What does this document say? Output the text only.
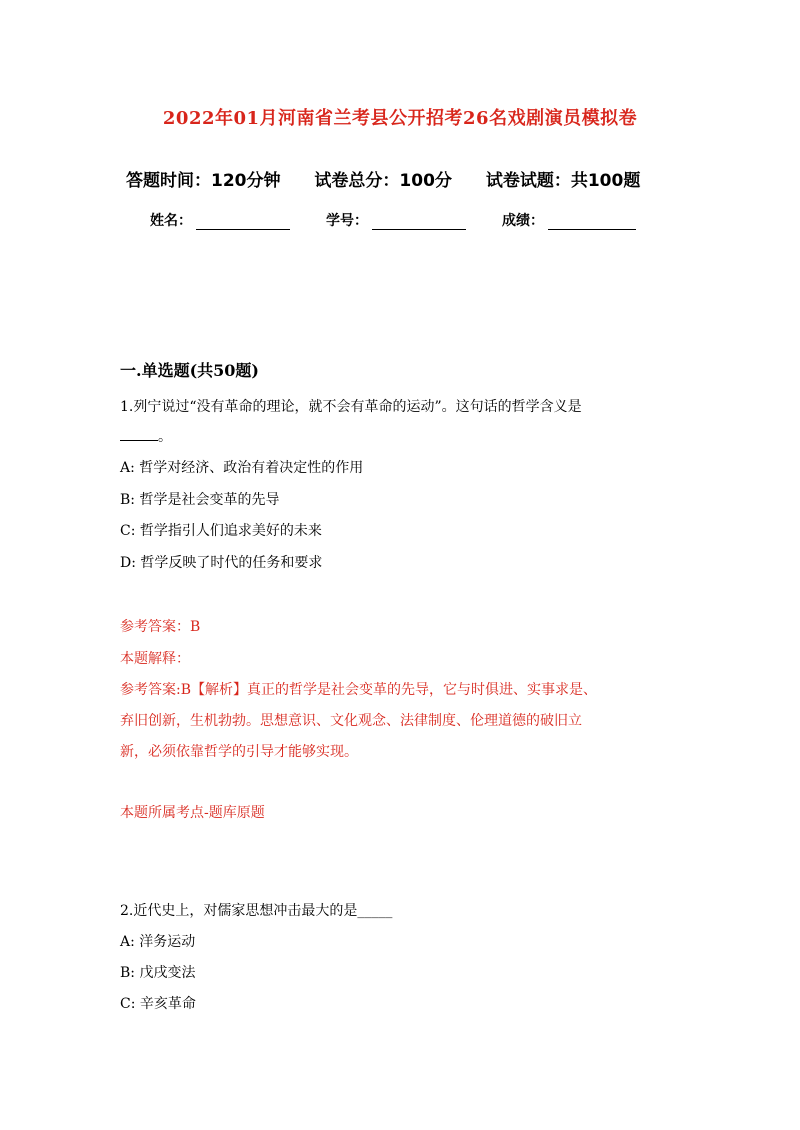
2022年01月河南省兰考县公开招考26名戏剧演员模拟卷
答题时间：120分钟 试卷总分：100分 试卷试题：共100题
姓名：	学号：	成绩：
一.单选题(共50题)
1.列宁说过“没有革命的理论，就不会有革命的运动”。这句话的哲学含义是
。
A: 哲学对经济、政治有着决定性的作用
B: 哲学是社会变革的先导
C: 哲学指引人们追求美好的未来
D: 哲学反映了时代的任务和要求
参考答案：B
本题解释：
参考答案:B【解析】真正的哲学是社会变革的先导，它与时俱进、实事求是、
弃旧创新，生机勃勃。思想意识、文化观念、法律制度、伦理道德的破旧立
新，必须依靠哲学的引导才能够实现。
本题所属考点-题库原题
2.近代史上，对儒家思想冲击最大的是_____
A: 洋务运动
B: 戊戌变法
C: 辛亥革命
